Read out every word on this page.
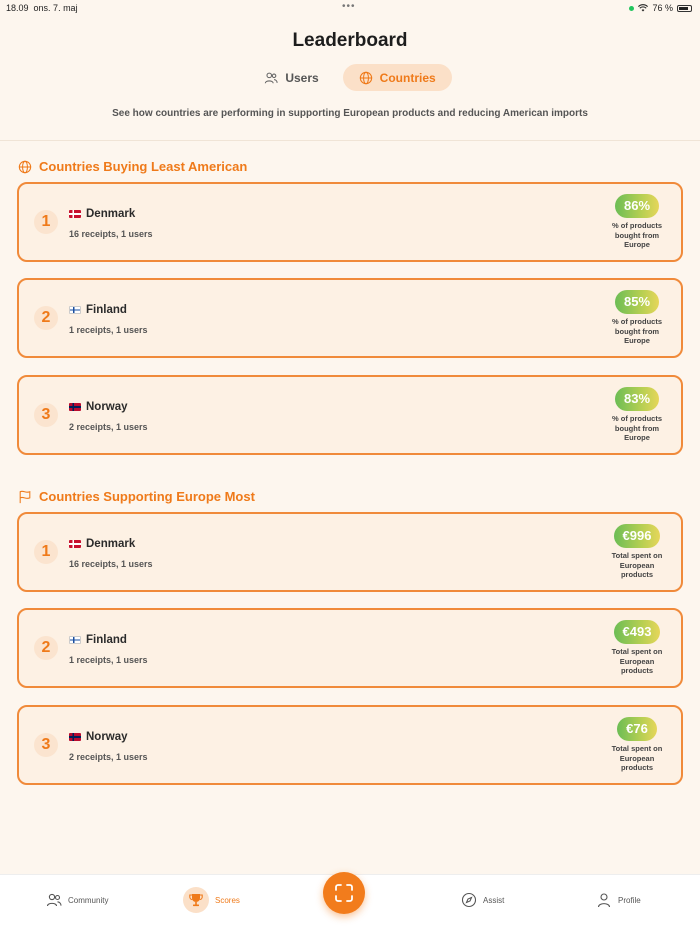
18.09 ons. 7. maj	•••	76 %
Leaderboard
Users	Countries
See how countries are performing in supporting European products and reducing American imports
Countries Buying Least American
1	Denmark
16 receipts, 1 users
86%
% of products
bought from
Europe
2	Finland
1 receipts, 1 users
85%
% of products
bought from
Europe
3	Norway
2 receipts, 1 users
83%
% of products
bought from
Europe
Countries Supporting Europe Most
1	Denmark
16 receipts, 1 users
€996
Total spent on
European
products
2	Finland
1 receipts, 1 users
€493
Total spent on
European
products
3	Norway
2 receipts, 1 users
€76
Total spent on
European
products
Community	Scores	Assist	Profile
